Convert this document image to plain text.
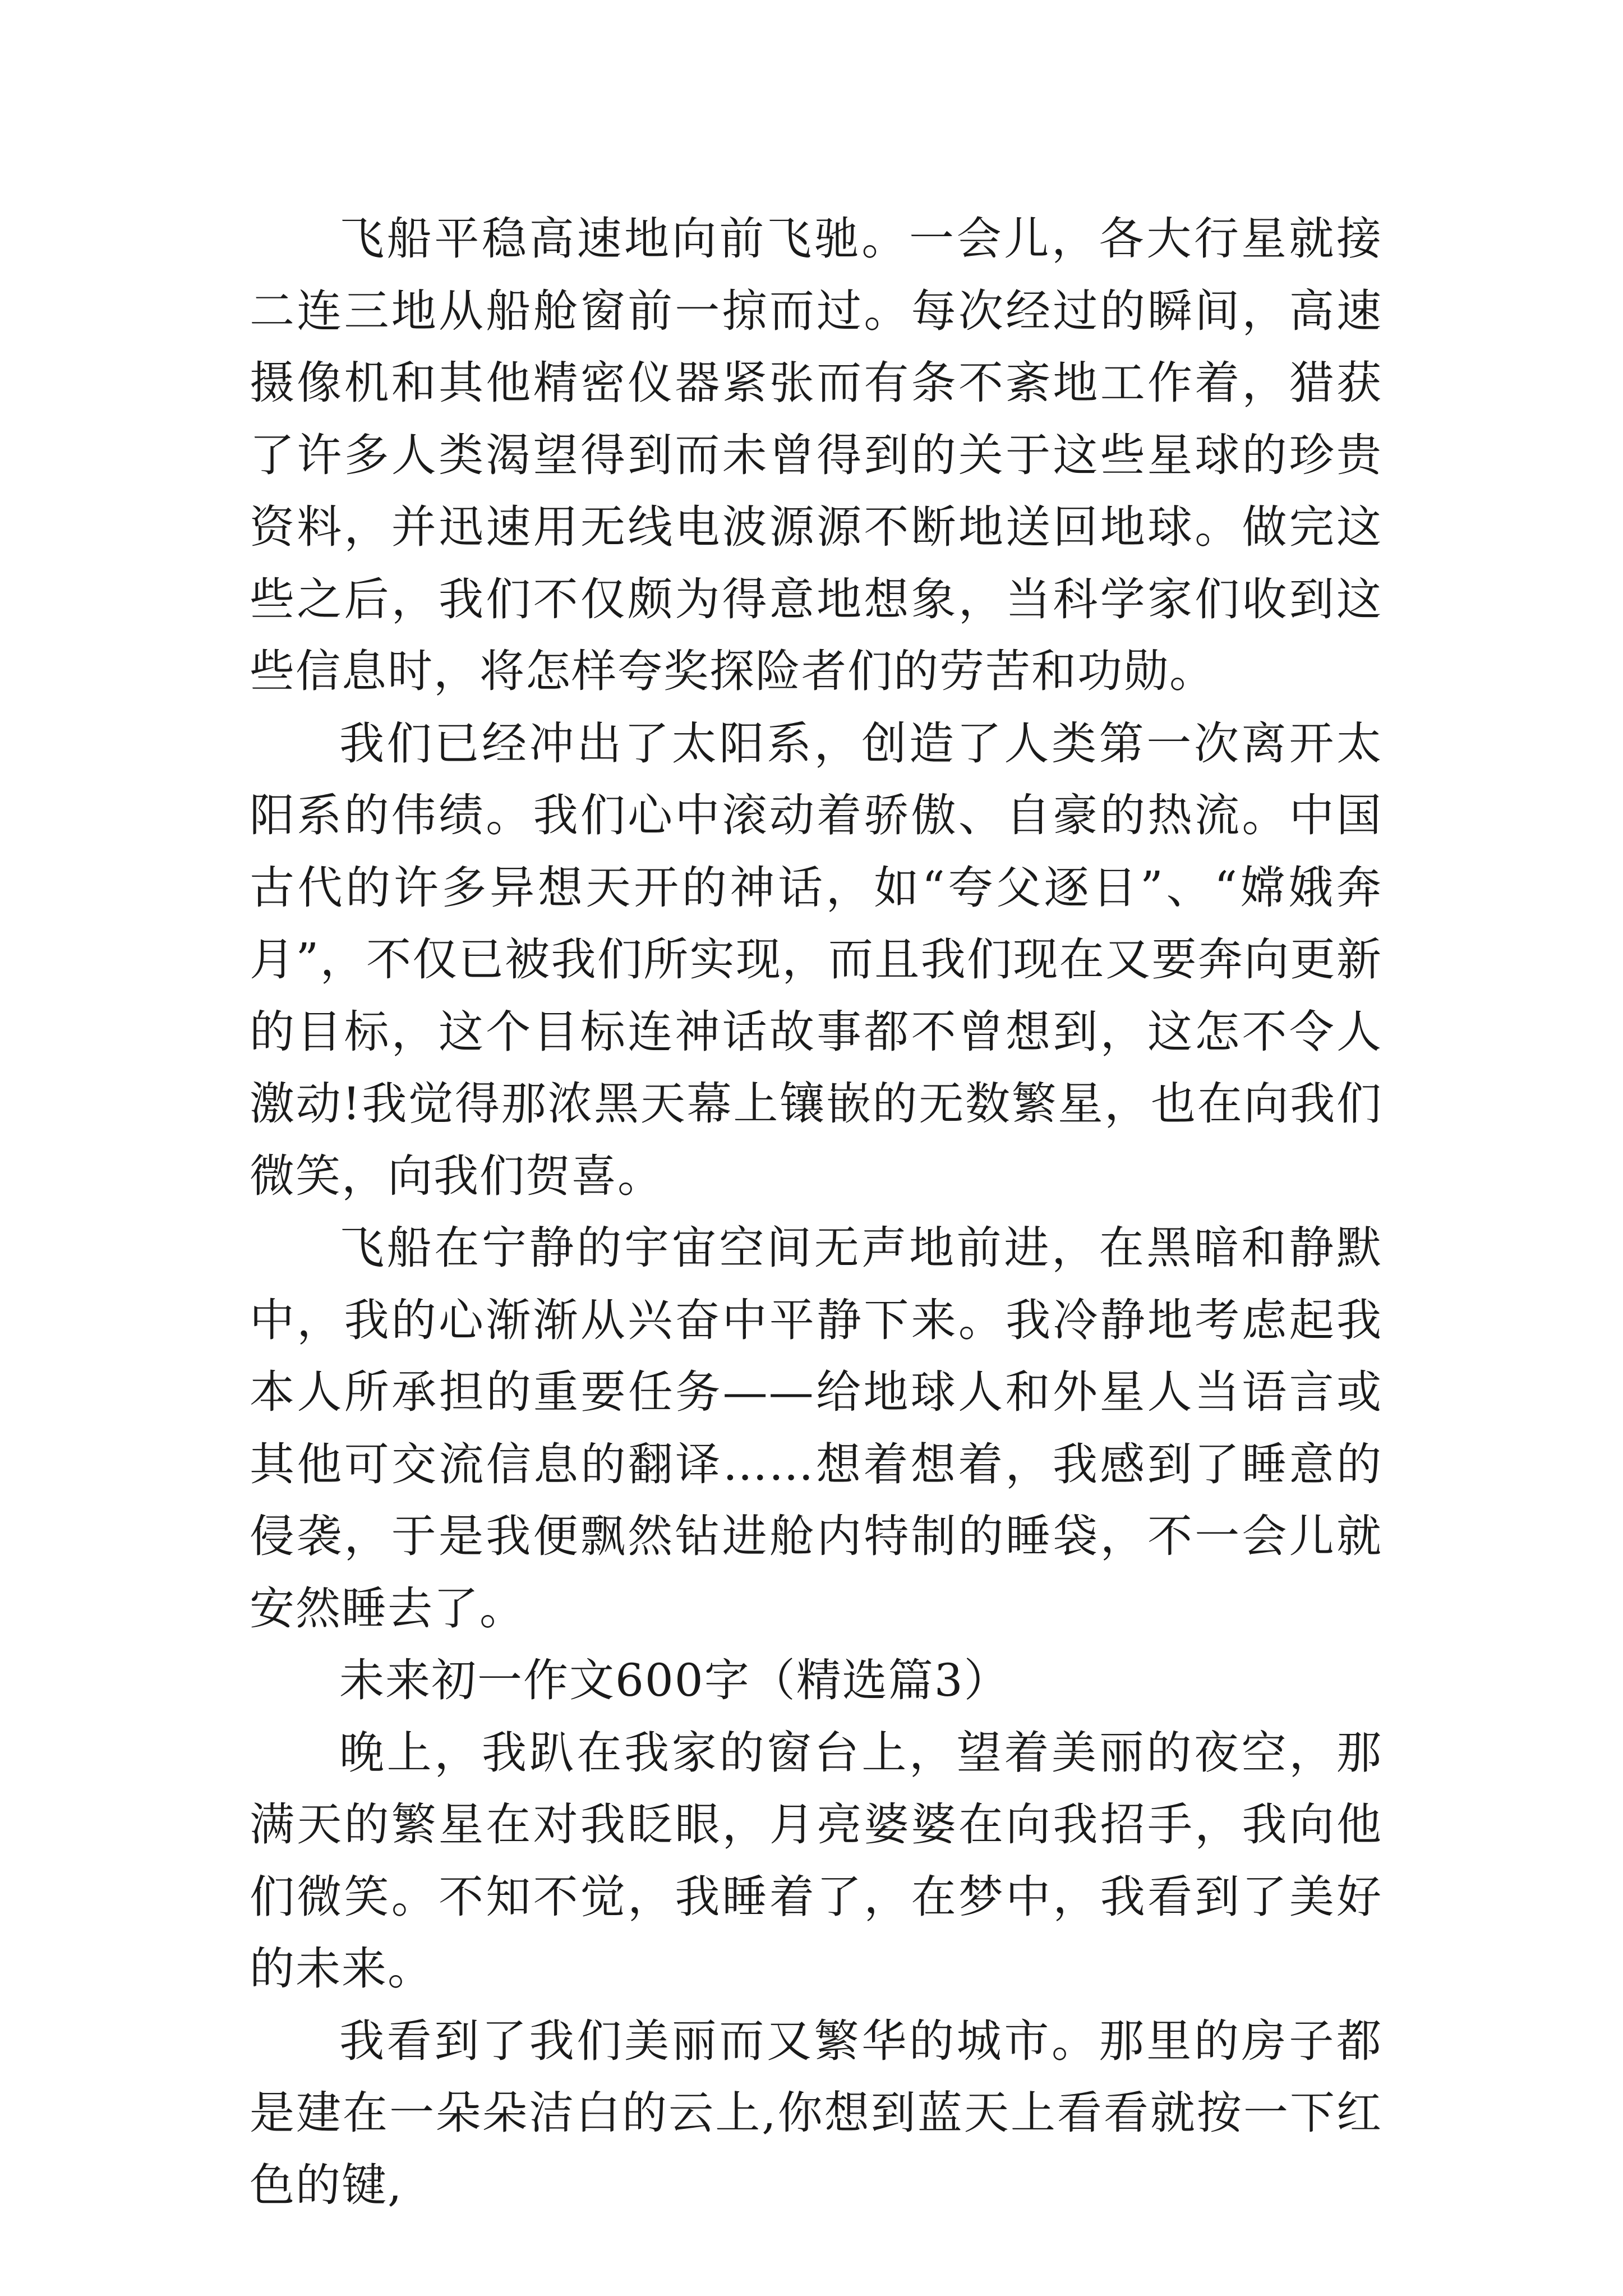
飞船平稳高速地向前飞驰。一会儿，各大行星就接二连三地从船舱窗前一掠而过。每次经过的瞬间，高速摄像机和其他精密仪器紧张而有条不紊地工作着，猎获了许多人类渴望得到而未曾得到的关于这些星球的珍贵资料，并迅速用无线电波源源不断地送回地球。做完这些之后，我们不仅颇为得意地想象，当科学家们收到这些信息时，将怎样夸奖探险者们的劳苦和功勋。

我们已经冲出了太阳系，创造了人类第一次离开太阳系的伟绩。我们心中滚动着骄傲、自豪的热流。中国古代的许多异想天开的神话，如“夸父逐日”、“嫦娥奔月”，不仅已被我们所实现，而且我们现在又要奔向更新的目标，这个目标连神话故事都不曾想到，这怎不令人激动!我觉得那浓黑天幕上镶嵌的无数繁星，也在向我们微笑，向我们贺喜。

飞船在宁静的宇宙空间无声地前进，在黑暗和静默中，我的心渐渐从兴奋中平静下来。我冷静地考虑起我本人所承担的重要任务——给地球人和外星人当语言或其他可交流信息的翻译……想着想着，我感到了睡意的侵袭，于是我便飘然钻进舱内特制的睡袋，不一会儿就安然睡去了。

未来初一作文600字（精选篇3）

晚上，我趴在我家的窗台上，望着美丽的夜空，那满天的繁星在对我眨眼，月亮婆婆在向我招手，我向他们微笑。不知不觉，我睡着了，在梦中，我看到了美好的未来。

我看到了我们美丽而又繁华的城市。那里的房子都是建在一朵朵洁白的云上,你想到蓝天上看看就按一下红色的键,
